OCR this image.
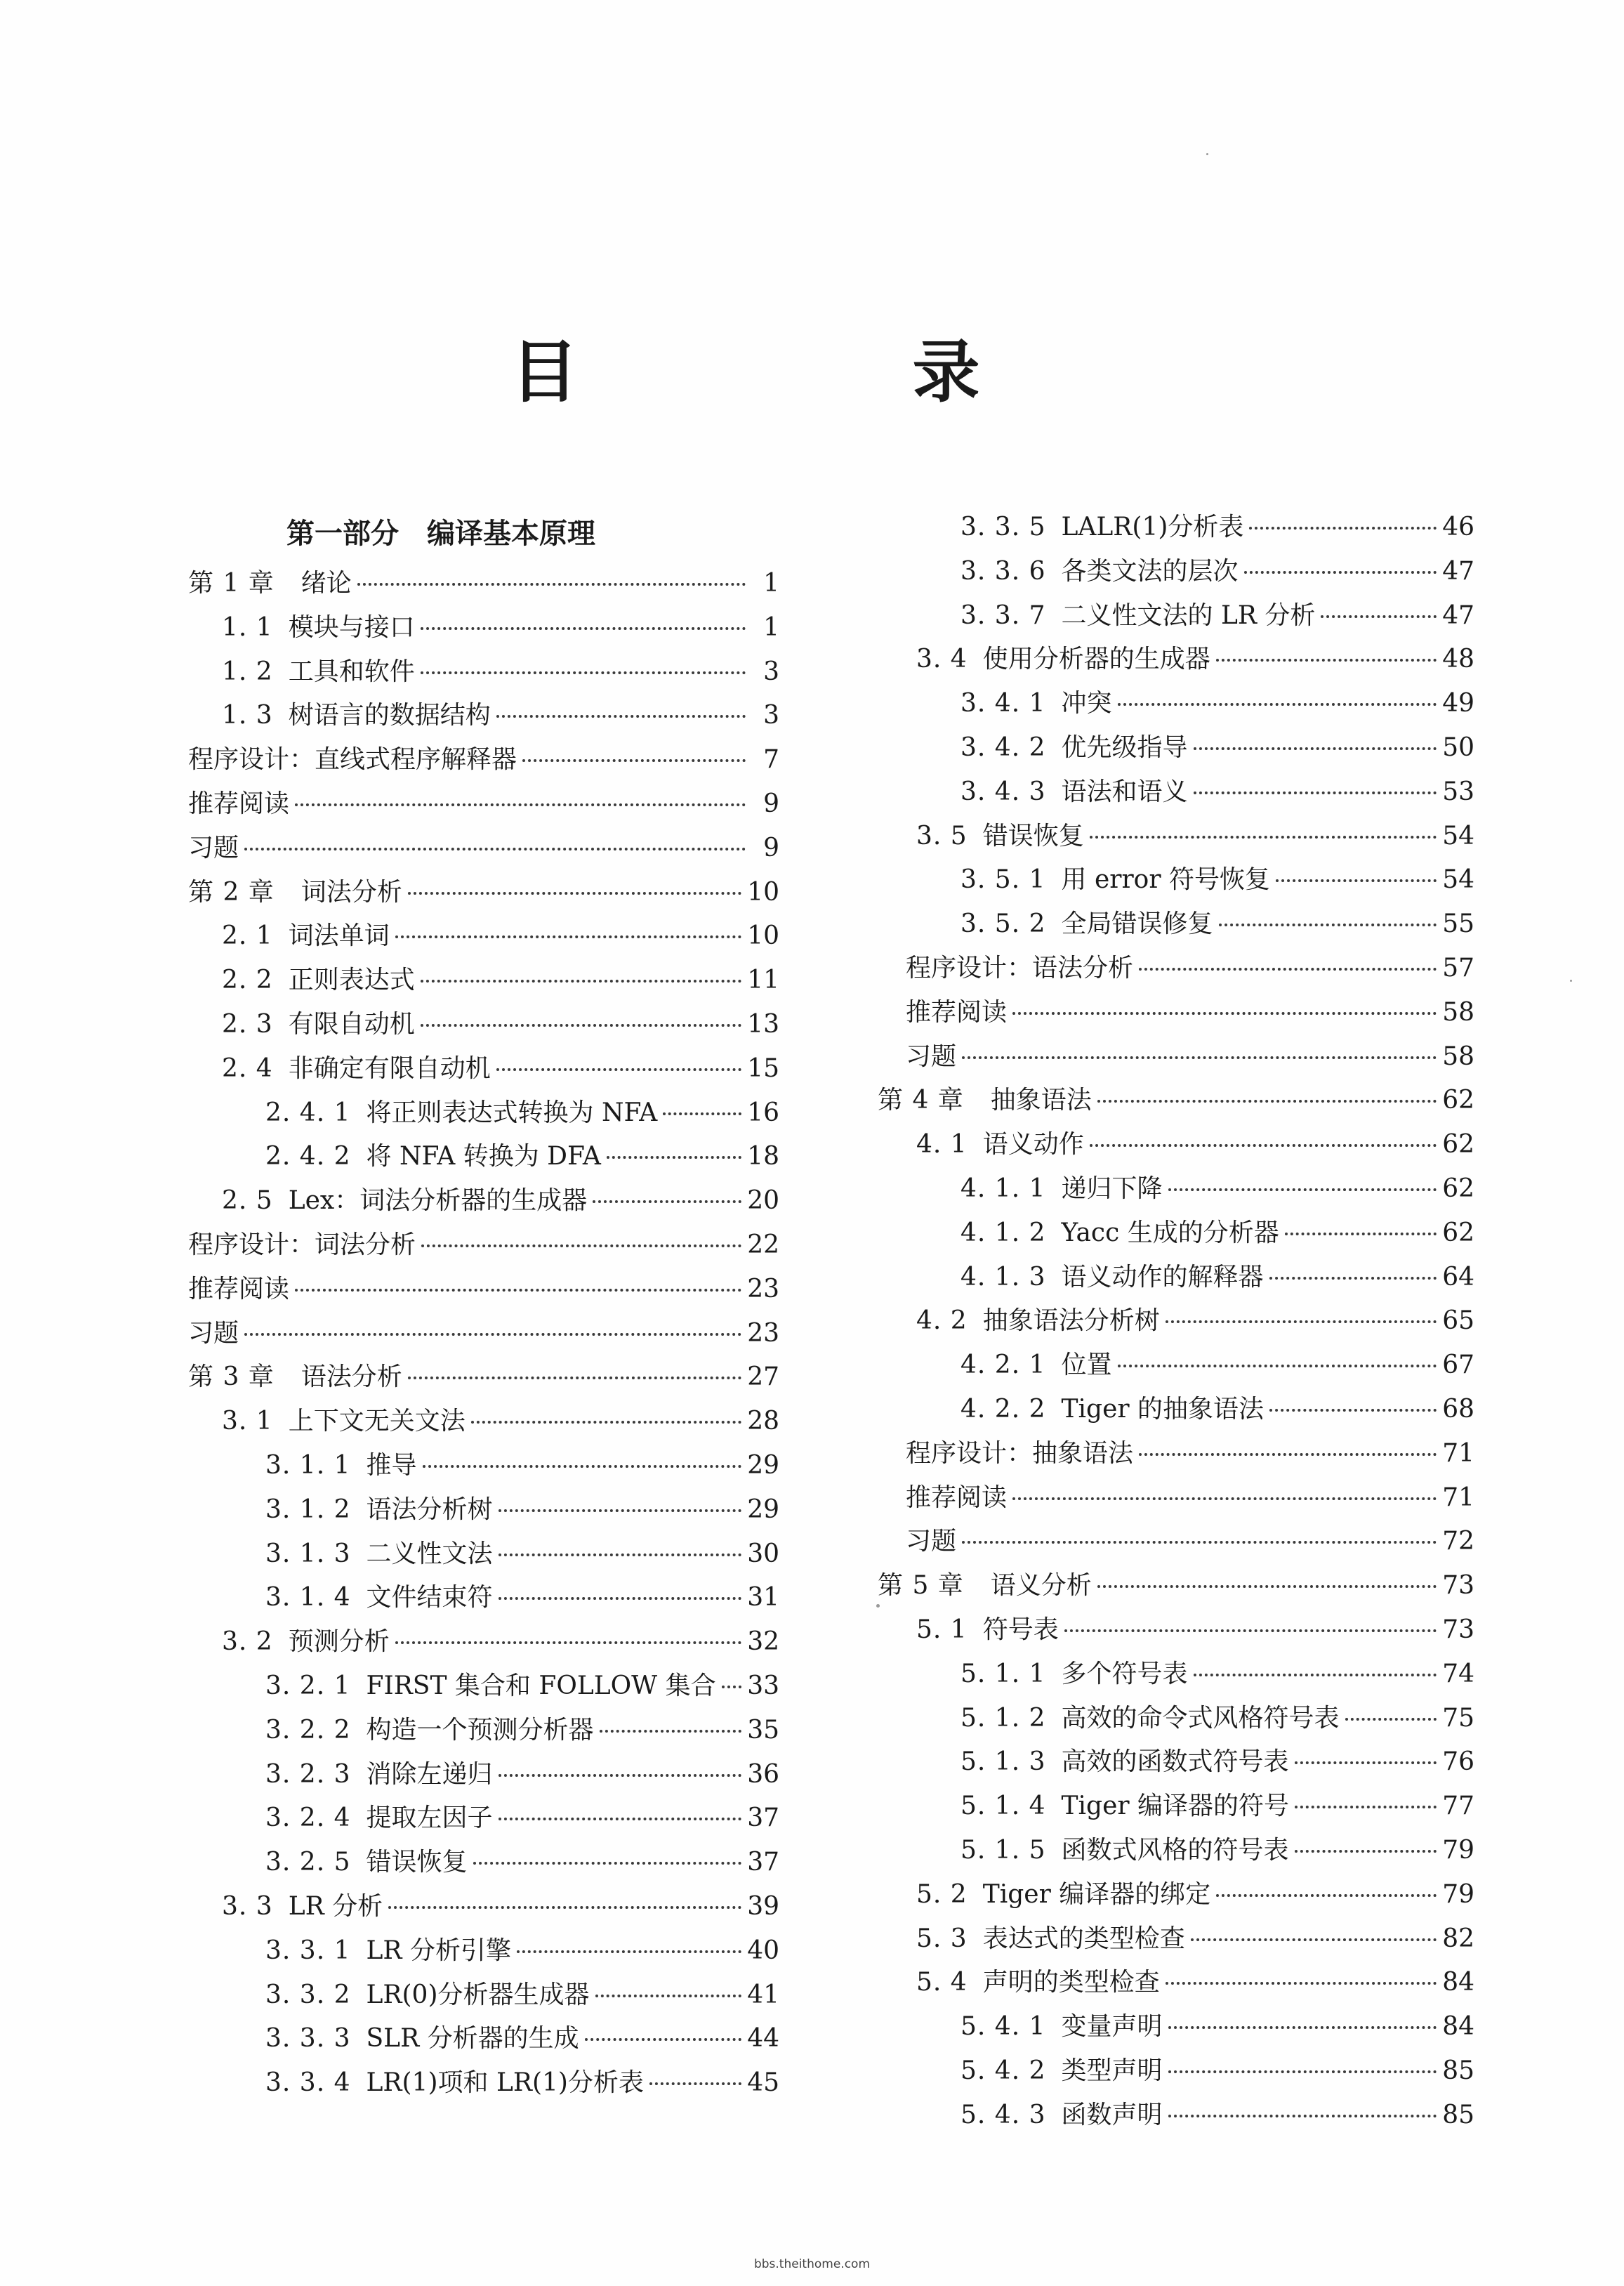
目　录
第一部分　编译基本原理
第 1 章 绪论	1
1. 1 模块与接口	1
1. 2 工具和软件	3
1. 3 树语言的数据结构	3
程序设计：直线式程序解释器	7
推荐阅读	9
习题	9
第 2 章 词法分析	10
2. 1 词法单词	10
2. 2 正则表达式	11
2. 3 有限自动机	13
2. 4 非确定有限自动机	15
2. 4. 1 将正则表达式转换为 NFA	16
2. 4. 2 将 NFA 转换为 DFA	18
2. 5 Lex：词法分析器的生成器	20
程序设计：词法分析	22
推荐阅读	23
习题	23
第 3 章 语法分析	27
3. 1 上下文无关文法	28
3. 1. 1 推导	29
3. 1. 2 语法分析树	29
3. 1. 3 二义性文法	30
3. 1. 4 文件结束符	31
3. 2 预测分析	32
3. 2. 1 FIRST 集合和 FOLLOW 集合 33
3. 2. 2 构造一个预测分析器	35
3. 2. 3 消除左递归	36
3. 2. 4 提取左因子	37
3. 2. 5 错误恢复	37
3. 3 LR 分析	39
3. 3. 1 LR 分析引擎	40
3. 3. 2 LR(0)分析器生成器	41
3. 3. 3 SLR 分析器的生成	44
3. 3. 4 LR(1)项和 LR(1)分析表	45
3. 3. 5 LALR(1)分析表	46
3. 3. 6 各类文法的层次	47
3. 3. 7 二义性文法的 LR 分析	47
3. 4 使用分析器的生成器	48
3. 4. 1 冲突	49
3. 4. 2 优先级指导	50
3. 4. 3 语法和语义	53
3. 5 错误恢复	54
3. 5. 1 用 error 符号恢复	54
3. 5. 2 全局错误修复	55
程序设计：语法分析	57
推荐阅读	58
习题	58
第 4 章 抽象语法	62
4. 1 语义动作	62
4. 1. 1 递归下降	62
4. 1. 2 Yacc 生成的分析器	62
4. 1. 3 语义动作的解释器	64
4. 2 抽象语法分析树	65
4. 2. 1 位置	67
4. 2. 2 Tiger 的抽象语法	68
程序设计：抽象语法	71
推荐阅读	71
习题	72
第 5 章 语义分析	73
5. 1 符号表	73
5. 1. 1 多个符号表	74
5. 1. 2 高效的命令式风格符号表	75
5. 1. 3 高效的函数式符号表	76
5. 1. 4 Tiger 编译器的符号	77
5. 1. 5 函数式风格的符号表	79
5. 2 Tiger 编译器的绑定	79
5. 3 表达式的类型检查	82
5. 4 声明的类型检查	84
5. 4. 1 变量声明	84
5. 4. 2 类型声明	85
5. 4. 3 函数声明	85
bbs.theithome.com
